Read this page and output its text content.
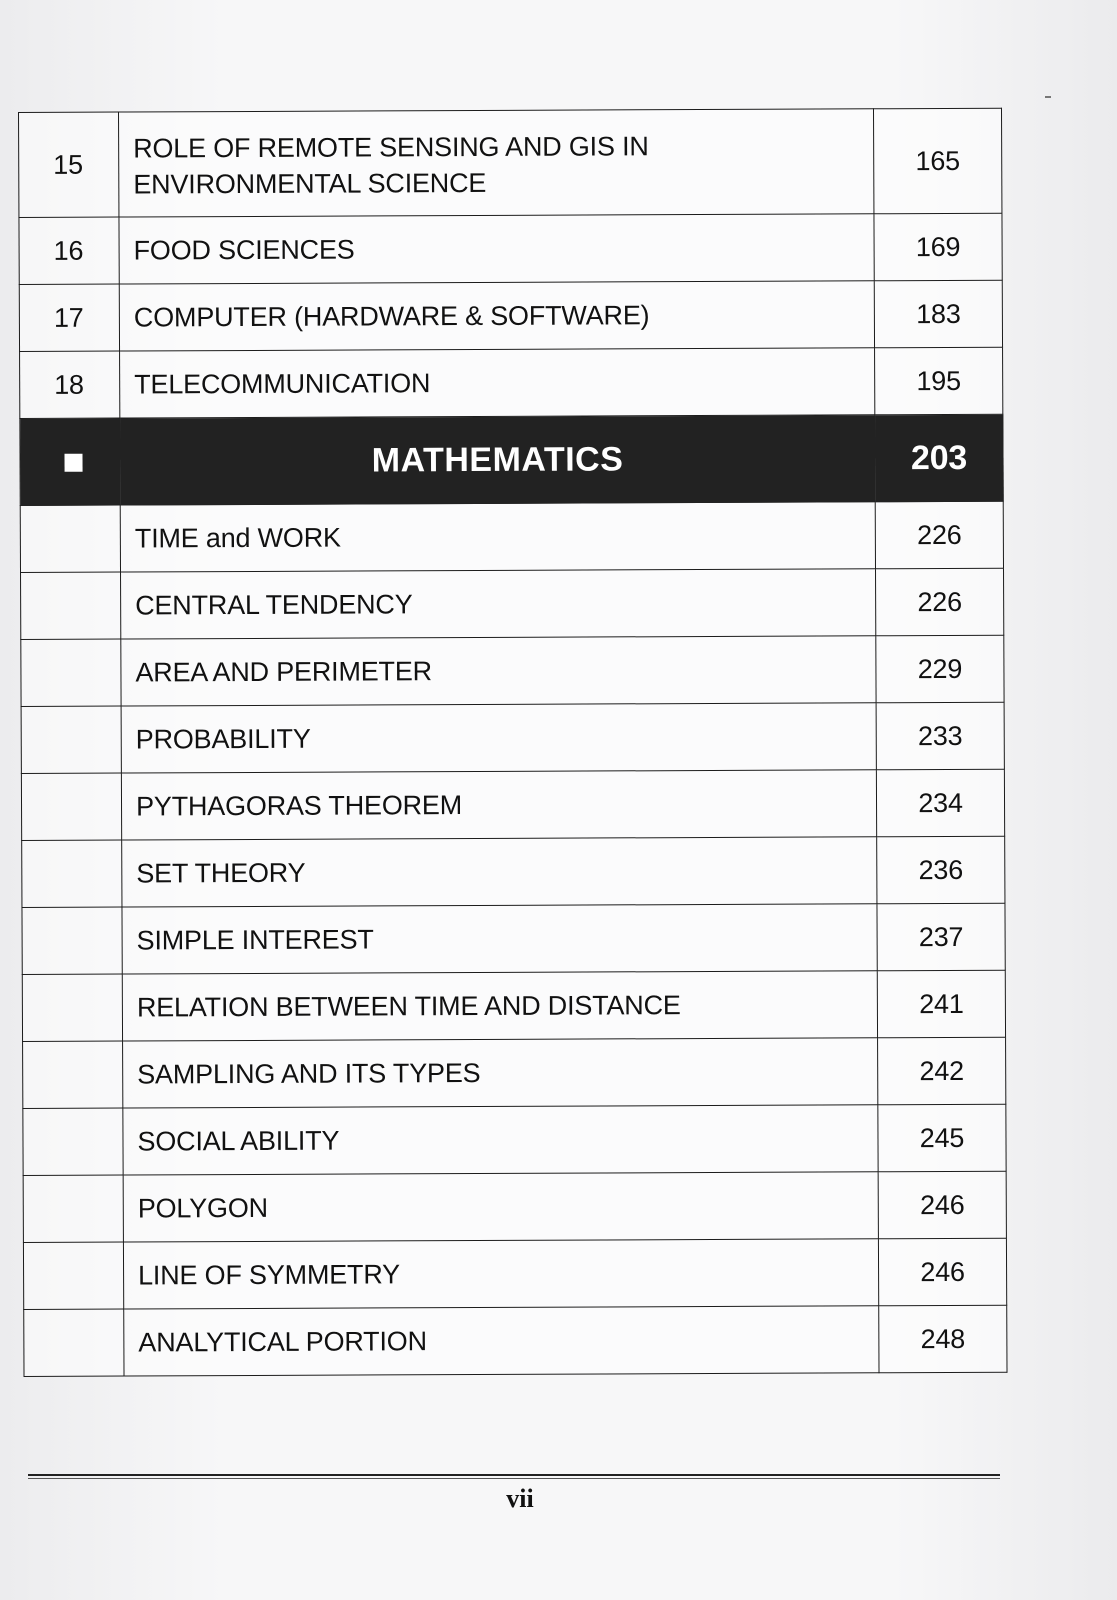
15	ROLE OF REMOTE SENSING AND GIS IN ENVIRONMENTAL SCIENCE	165
16	FOOD SCIENCES	169
17	COMPUTER (HARDWARE & SOFTWARE)	183
18	TELECOMMUNICATION	195
	MATHEMATICS	203
	TIME and WORK	226
	CENTRAL TENDENCY	226
	AREA AND PERIMETER	229
	PROBABILITY	233
	PYTHAGORAS THEOREM	234
	SET THEORY	236
	SIMPLE INTEREST	237
	RELATION BETWEEN TIME AND DISTANCE	241
	SAMPLING AND ITS TYPES	242
	SOCIAL ABILITY	245
	POLYGON	246
	LINE OF SYMMETRY	246
	ANALYTICAL PORTION	248
vii
